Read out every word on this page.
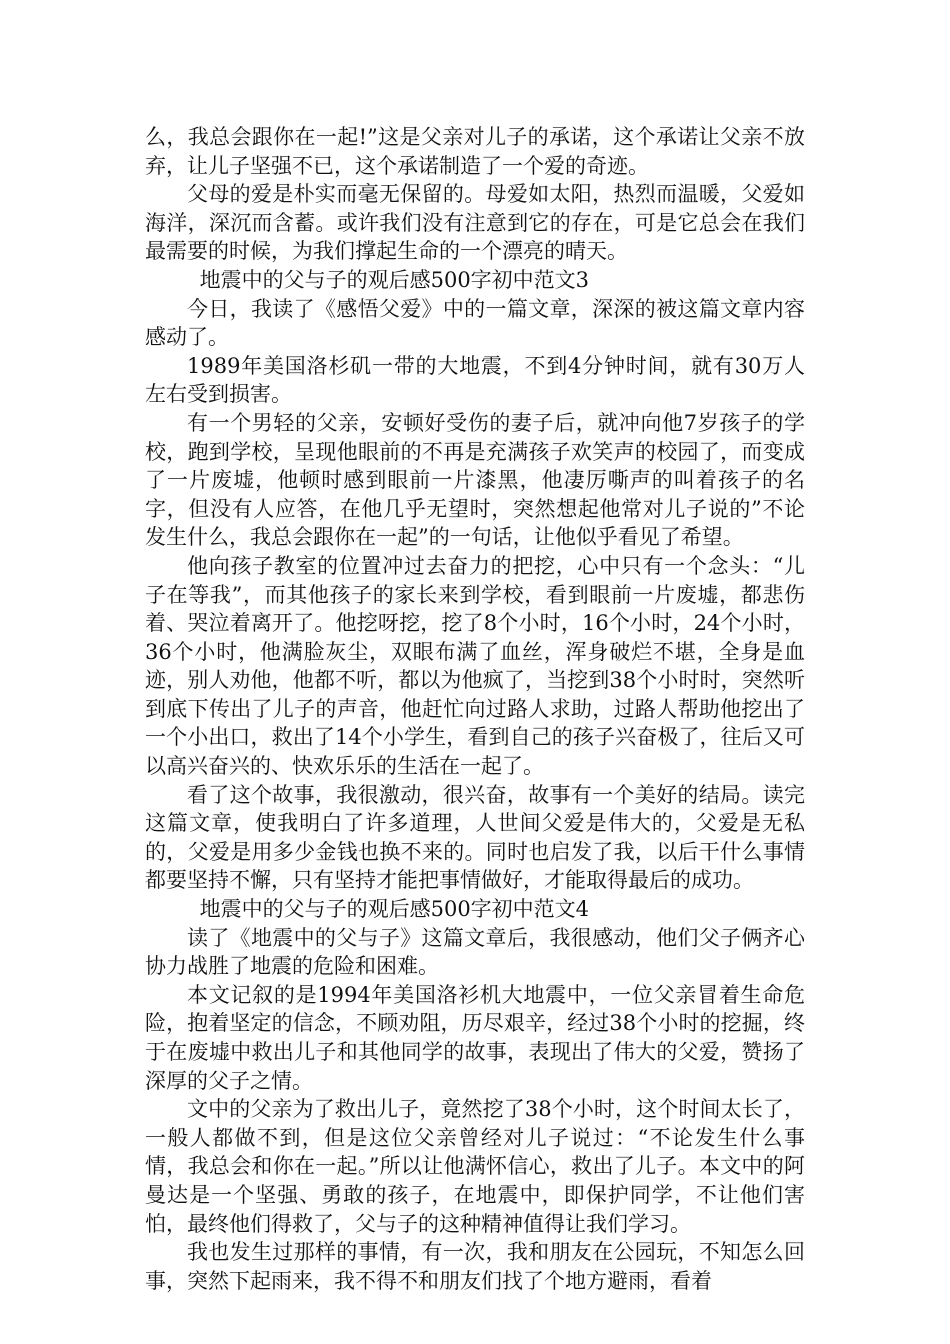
么，我总会跟你在一起!”这是父亲对儿子的承诺，这个承诺让父亲不放弃，让儿子坚强不已，这个承诺制造了一个爱的奇迹。

父母的爱是朴实而毫无保留的。母爱如太阳，热烈而温暖，父爱如海洋，深沉而含蓄。或许我们没有注意到它的存在，可是它总会在我们最需要的时候，为我们撑起生命的一个漂亮的晴天。

地震中的父与子的观后感500字初中范文3

今日，我读了《感悟父爱》中的一篇文章，深深的被这篇文章内容感动了。

1989年美国洛杉矶一带的大地震，不到4分钟时间，就有30万人左右受到损害。

有一个男轻的父亲，安顿好受伤的妻子后，就冲向他7岁孩子的学校，跑到学校，呈现他眼前的不再是充满孩子欢笑声的校园了，而变成了一片废墟，他顿时感到眼前一片漆黑，他凄厉嘶声的叫着孩子的名字，但没有人应答，在他几乎无望时，突然想起他常对儿子说的”不论发生什么，我总会跟你在一起”的一句话，让他似乎看见了希望。

他向孩子教室的位置冲过去奋力的把挖，心中只有一个念头：“儿子在等我”，而其他孩子的家长来到学校，看到眼前一片废墟，都悲伤着、哭泣着离开了。他挖呀挖，挖了8个小时，16个小时，24个小时，36个小时，他满脸灰尘，双眼布满了血丝，浑身破烂不堪，全身是血迹，别人劝他，他都不听，都以为他疯了，当挖到38个小时时，突然听到底下传出了儿子的声音，他赶忙向过路人求助，过路人帮助他挖出了一个小出口，救出了14个小学生，看到自己的孩子兴奋极了，往后又可以高兴奋兴的、快欢乐乐的生活在一起了。

看了这个故事，我很激动，很兴奋，故事有一个美好的结局。读完这篇文章，使我明白了许多道理，人世间父爱是伟大的，父爱是无私的，父爱是用多少金钱也换不来的。同时也启发了我，以后干什么事情都要坚持不懈，只有坚持才能把事情做好，才能取得最后的成功。

地震中的父与子的观后感500字初中范文4

读了《地震中的父与子》这篇文章后，我很感动，他们父子俩齐心协力战胜了地震的危险和困难。

本文记叙的是1994年美国洛衫机大地震中，一位父亲冒着生命危险，抱着坚定的信念，不顾劝阻，历尽艰辛，经过38个小时的挖掘，终于在废墟中救出儿子和其他同学的故事，表现出了伟大的父爱，赞扬了深厚的父子之情。

文中的父亲为了救出儿子，竟然挖了38个小时，这个时间太长了，一般人都做不到，但是这位父亲曾经对儿子说过：“不论发生什么事情，我总会和你在一起。”所以让他满怀信心，救出了儿子。本文中的阿曼达是一个坚强、勇敢的孩子，在地震中，即保护同学，不让他们害怕，最终他们得救了，父与子的这种精神值得让我们学习。

我也发生过那样的事情，有一次，我和朋友在公园玩，不知怎么回事，突然下起雨来，我不得不和朋友们找了个地方避雨，看着
